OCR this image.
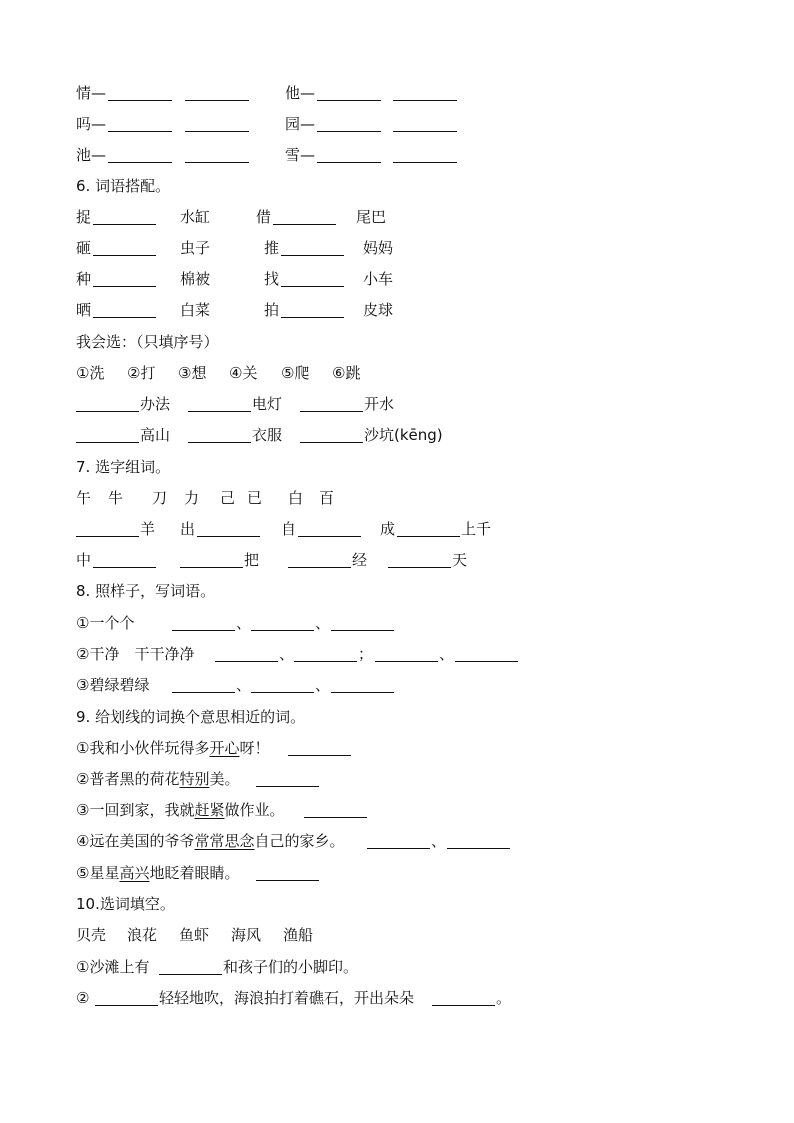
情—	他—
吗—	园—
池—	雪—
6. 词语搭配。
捉	水缸	借	尾巴
砸	虫子	推	妈妈
种	棉被	找	小车
晒	白菜	拍	皮球
我会选：（只填序号）
①洗 ②打 ③想 ④关 ⑤爬 ⑥跳
办法	电灯	开水
高山	衣服	沙坑(kēng)
7. 选字组词。
午 牛 刀 力 己 已 白 百
羊 出	自	成	上千
中	把	经	天
8. 照样子，写词语。
①一个个	、	、
②干净　干干净净	、	；	、
③碧绿碧绿	、	、
9. 给划线的词换个意思相近的词。
①我和小伙伴玩得多开心呀！
②普者黑的荷花特别美。
③一回到家，我就赶紧做作业。
④远在美国的爷爷常常思念自己的家乡。	、
⑤星星高兴地眨着眼睛。
10.选词填空。
贝壳 浪花 鱼虾 海风 渔船
①沙滩上有	和孩子们的小脚印。
②	轻轻地吹，海浪拍打着礁石，开出朵朵	。
